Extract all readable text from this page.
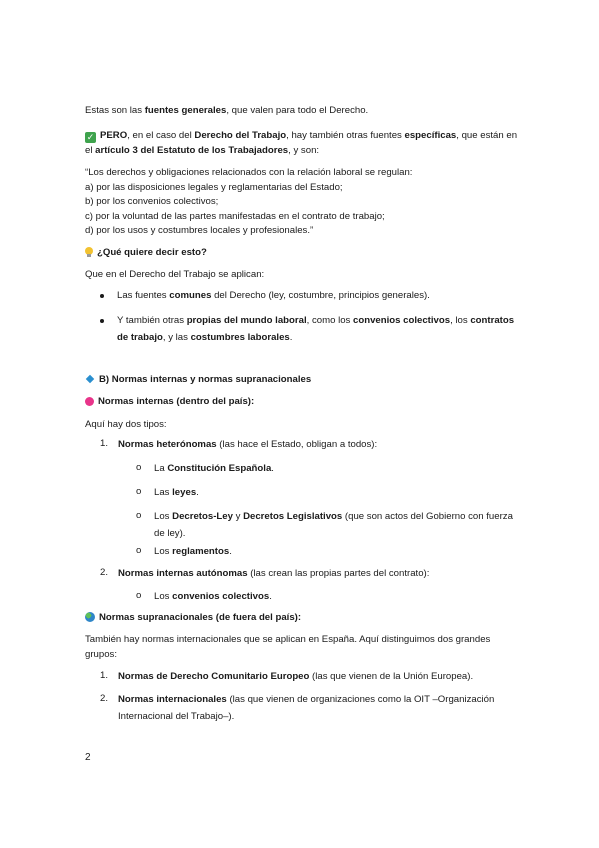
Estas son las fuentes generales, que valen para todo el Derecho.
✓ PERO, en el caso del Derecho del Trabajo, hay también otras fuentes específicas, que están en
el artículo 3 del Estatuto de los Trabajadores, y son:
“Los derechos y obligaciones relacionados con la relación laboral se regulan:
a) por las disposiciones legales y reglamentarias del Estado;
b) por los convenios colectivos;
c) por la voluntad de las partes manifestadas en el contrato de trabajo;
d) por los usos y costumbres locales y profesionales.”
¿Qué quiere decir esto?
Que en el Derecho del Trabajo se aplican:
Las fuentes comunes del Derecho (ley, costumbre, principios generales).
Y también otras propias del mundo laboral, como los convenios colectivos, los contratos
de trabajo, y las costumbres laborales.
B) Normas internas y normas supranacionales
Normas internas (dentro del país):
Aquí hay dos tipos:
1. Normas heterónomas (las hace el Estado, obligan a todos):
o La Constitución Española.
o Las leyes.
o Los Decretos-Ley y Decretos Legislativos (que son actos del Gobierno con fuerza
de ley).
o Los reglamentos.
2. Normas internas autónomas (las crean las propias partes del contrato):
o Los convenios colectivos.
Normas supranacionales (de fuera del país):
También hay normas internacionales que se aplican en España. Aquí distinguimos dos grandes
grupos:
1. Normas de Derecho Comunitario Europeo (las que vienen de la Unión Europea).
2. Normas internacionales (las que vienen de organizaciones como la OIT –Organización
Internacional del Trabajo–).
2
